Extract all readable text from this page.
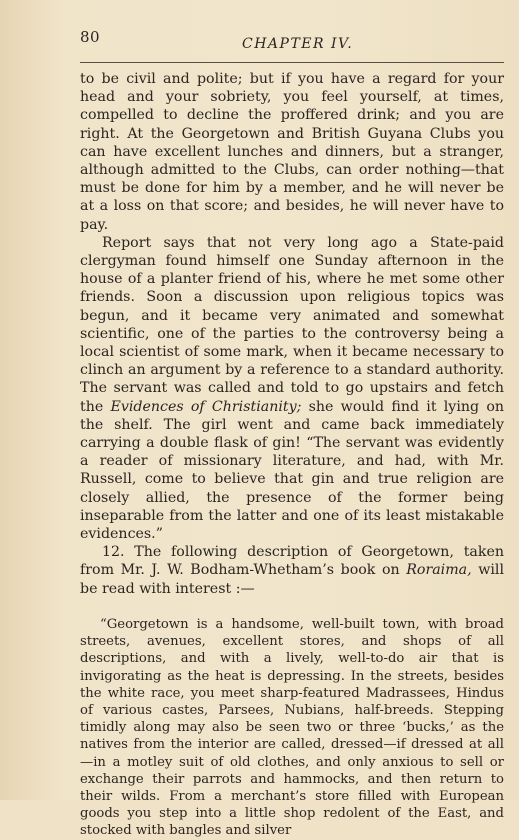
80	CHAPTER IV.

to be civil and polite; but if you have a regard for your head and your sobriety, you feel yourself, at times, compelled to decline the proffered drink; and you are right. At the Georgetown and British Guyana Clubs you can have excellent lunches and dinners, but a stranger, although admitted to the Clubs, can order nothing—that must be done for him by a member, and he will never be at a loss on that score; and besides, he will never have to pay.

Report says that not very long ago a State-paid clergyman found himself one Sunday afternoon in the house of a planter friend of his, where he met some other friends. Soon a discussion upon religious topics was begun, and it became very animated and somewhat scientific, one of the parties to the controversy being a local scientist of some mark, when it became necessary to clinch an argument by a reference to a standard authority. The servant was called and told to go upstairs and fetch the Evidences of Christianity; she would find it lying on the shelf. The girl went and came back immediately carrying a double flask of gin! “The servant was evidently a reader of missionary literature, and had, with Mr. Russell, come to believe that gin and true religion are closely allied, the presence of the former being inseparable from the latter and one of its least mistakable evidences.”

12. The following description of Georgetown, taken from Mr. J. W. Bodham-Whetham’s book on Roraima, will be read with interest :—

“Georgetown is a handsome, well-built town, with broad streets, avenues, excellent stores, and shops of all descriptions, and with a lively, well-to-do air that is invigorating as the heat is depressing. In the streets, besides the white race, you meet sharp-featured Madrassees, Hindus of various castes, Parsees, Nubians, half-breeds. Stepping timidly along may also be seen two or three ‘bucks,’ as the natives from the interior are called, dressed—if dressed at all—in a motley suit of old clothes, and only anxious to sell or exchange their parrots and hammocks, and then return to their wilds. From a merchant’s store filled with European goods you step into a little shop redolent of the East, and stocked with bangles and silver
